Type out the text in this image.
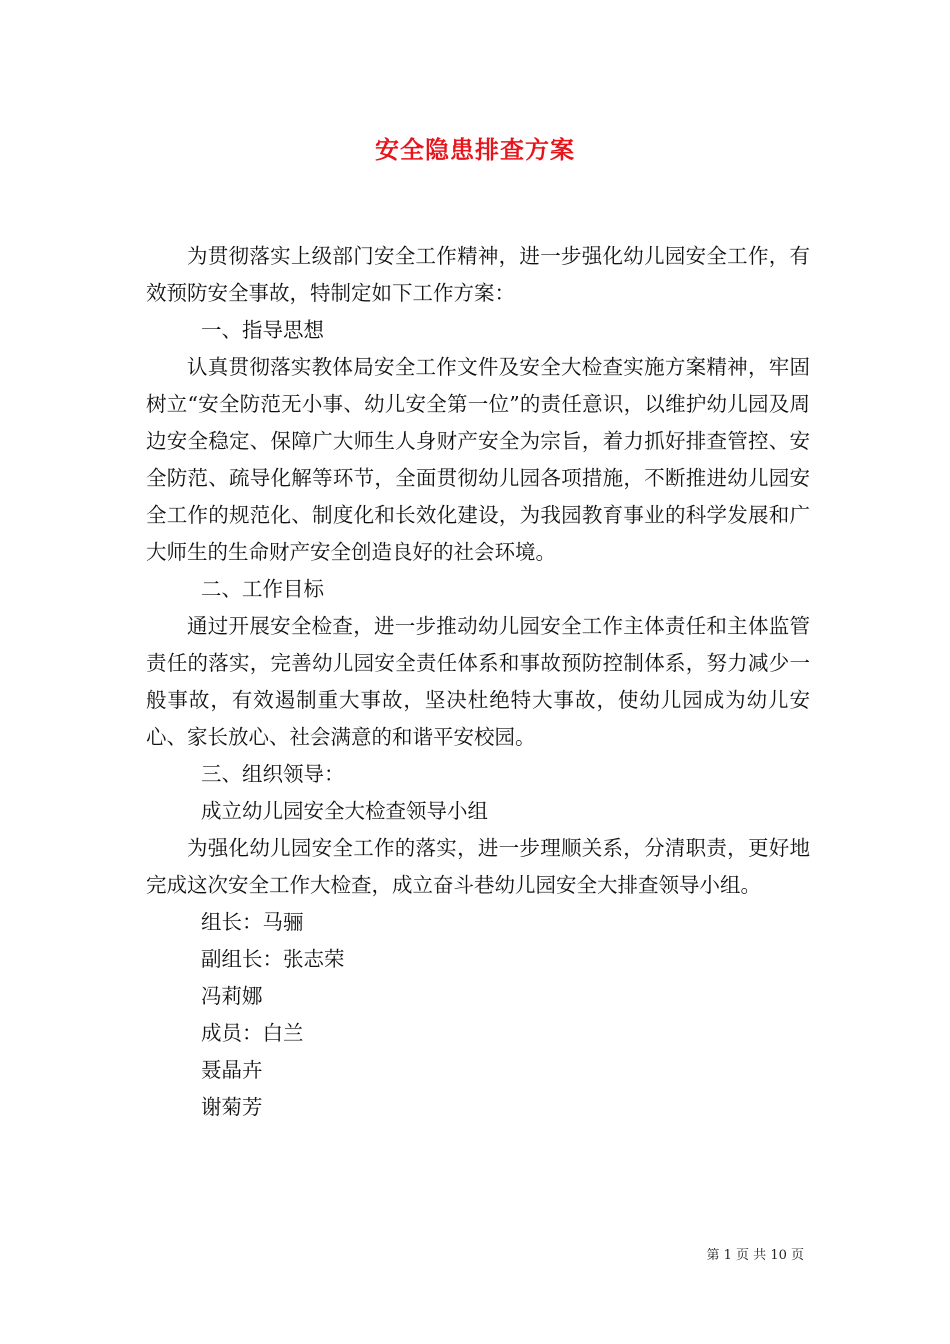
安全隐患排查方案

为贯彻落实上级部门安全工作精神，进一步强化幼儿园安全工作，有效预防安全事故，特制定如下工作方案：

一、指导思想

认真贯彻落实教体局安全工作文件及安全大检查实施方案精神，牢固树立“安全防范无小事、幼儿安全第一位”的责任意识，以维护幼儿园及周边安全稳定、保障广大师生人身财产安全为宗旨，着力抓好排查管控、安全防范、疏导化解等环节，全面贯彻幼儿园各项措施，不断推进幼儿园安全工作的规范化、制度化和长效化建设，为我园教育事业的科学发展和广大师生的生命财产安全创造良好的社会环境。

二、工作目标

通过开展安全检查，进一步推动幼儿园安全工作主体责任和主体监管责任的落实，完善幼儿园安全责任体系和事故预防控制体系，努力减少一般事故，有效遏制重大事故，坚决杜绝特大事故，使幼儿园成为幼儿安心、家长放心、社会满意的和谐平安校园。

三、组织领导：

成立幼儿园安全大检查领导小组

为强化幼儿园安全工作的落实，进一步理顺关系，分清职责，更好地完成这次安全工作大检查，成立奋斗巷幼儿园安全大排查领导小组。

组长：马骊

副组长：张志荣

冯莉娜

成员：白兰

聂晶卉

谢菊芳

第 1 页 共 10 页
